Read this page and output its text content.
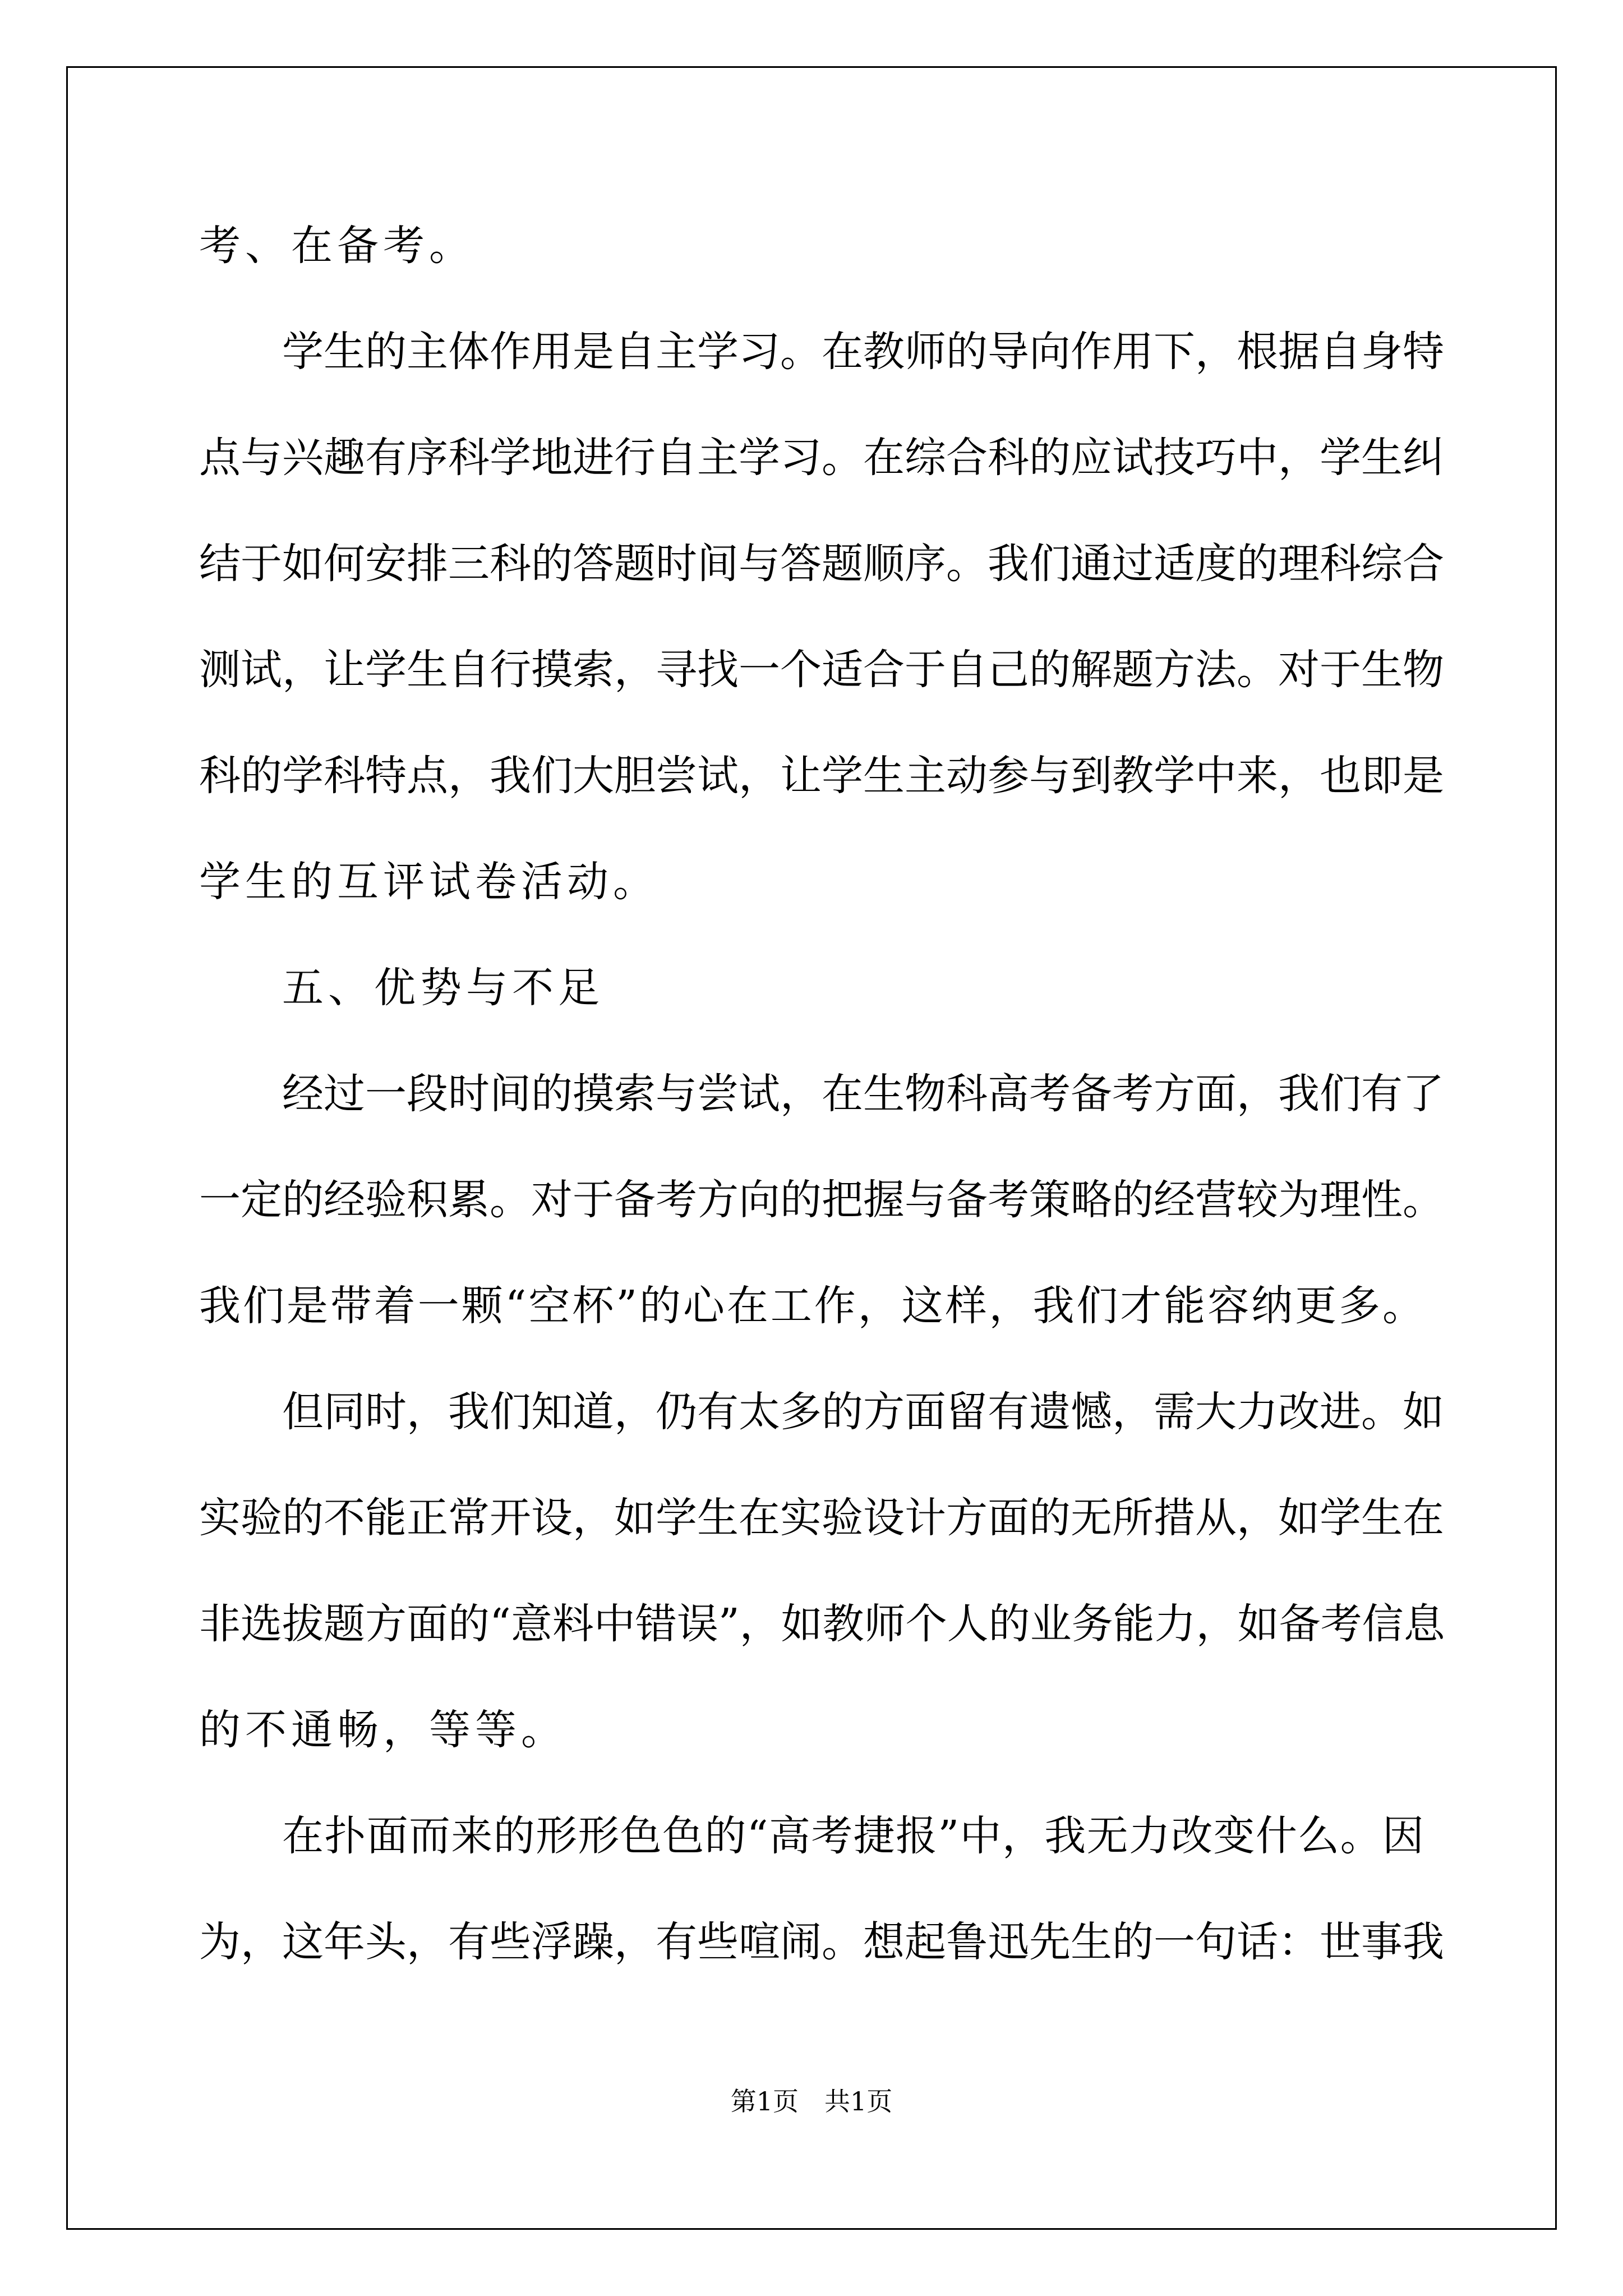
考、在备考。
学生的主体作用是自主学习。在教师的导向作用下，根据自身特
点与兴趣有序科学地进行自主学习。在综合科的应试技巧中，学生纠
结于如何安排三科的答题时间与答题顺序。我们通过适度的理科综合
测试，让学生自行摸索，寻找一个适合于自己的解题方法。对于生物
科的学科特点，我们大胆尝试，让学生主动参与到教学中来，也即是
学生的互评试卷活动。
五、优势与不足
经过一段时间的摸索与尝试，在生物科高考备考方面，我们有了
一定的经验积累。对于备考方向的把握与备考策略的经营较为理性。
我们是带着一颗“空杯”的心在工作，这样，我们才能容纳更多。
但同时，我们知道，仍有太多的方面留有遗憾，需大力改进。如
实验的不能正常开设，如学生在实验设计方面的无所措从，如学生在
非选拔题方面的“意料中错误”，如教师个人的业务能力，如备考信息
的不通畅，等等。
在扑面而来的形形色色的“高考捷报”中，我无力改变什么。因
为，这年头，有些浮躁，有些喧闹。想起鲁迅先生的一句话：世事我
第1页　共1页
